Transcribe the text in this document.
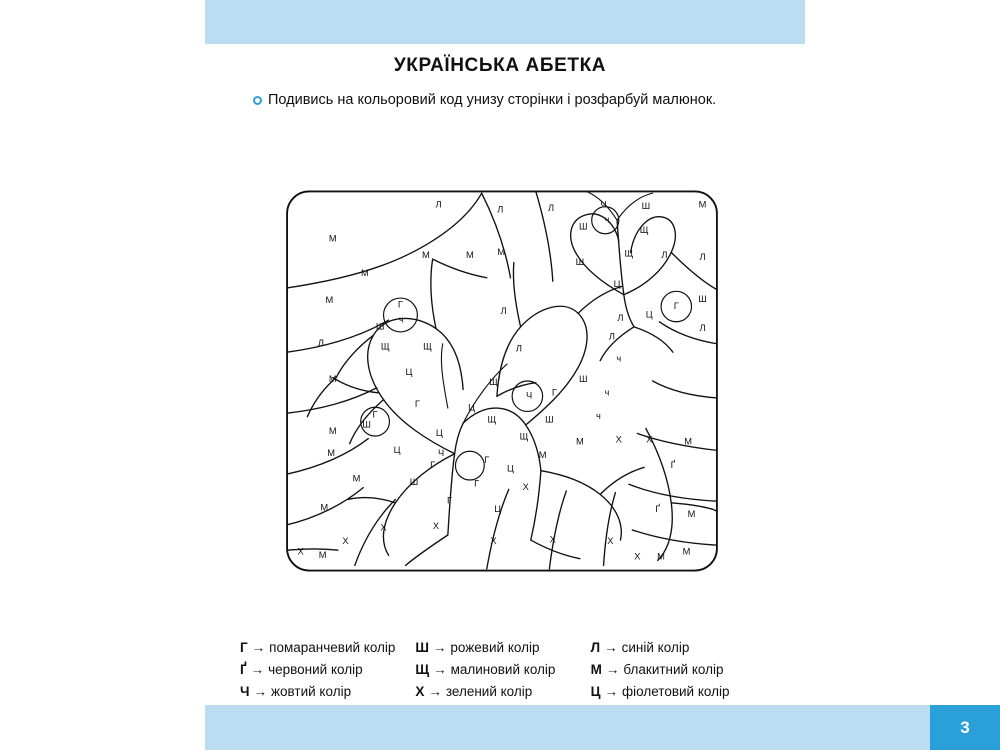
УКРАЇНСЬКА АБЕТКА
Подивись на кольоровий код унизу сторінки і розфарбуй малюнок.
Л
Л	Л	Ч	Ш	М
Ш
ч
Щ
М
Щ
М
М	М
Ш
Л	Л
М
Ц
М	Г
ч
Л
Г
Ш
Ш
Л Ц
Л
Л	Щ	Щ
Л
Л
ч
Ц
М	Щ	Ш
ч
Ч Г
Г	Ц
Г
Ш
Щ	Ш	ч
М	Ц	Щ
М	Х Х	М
М	Ц	Ч	М
Г
Г
Ц	Ґ
М	Ш	Г	Х
Г
Ц	Ґ
М
М
Х	Х
Х	Х	Х	Х
Х М	Х М
М
Г → помаранчевий колір Ш → рожевий колір	Л → синій колір
Ґ → червоний колір	Щ → малиновий колір	М → блакитний колір
Ч → жовтий колір	Х → зелений колір	Ц → фіолетовий колір
3
